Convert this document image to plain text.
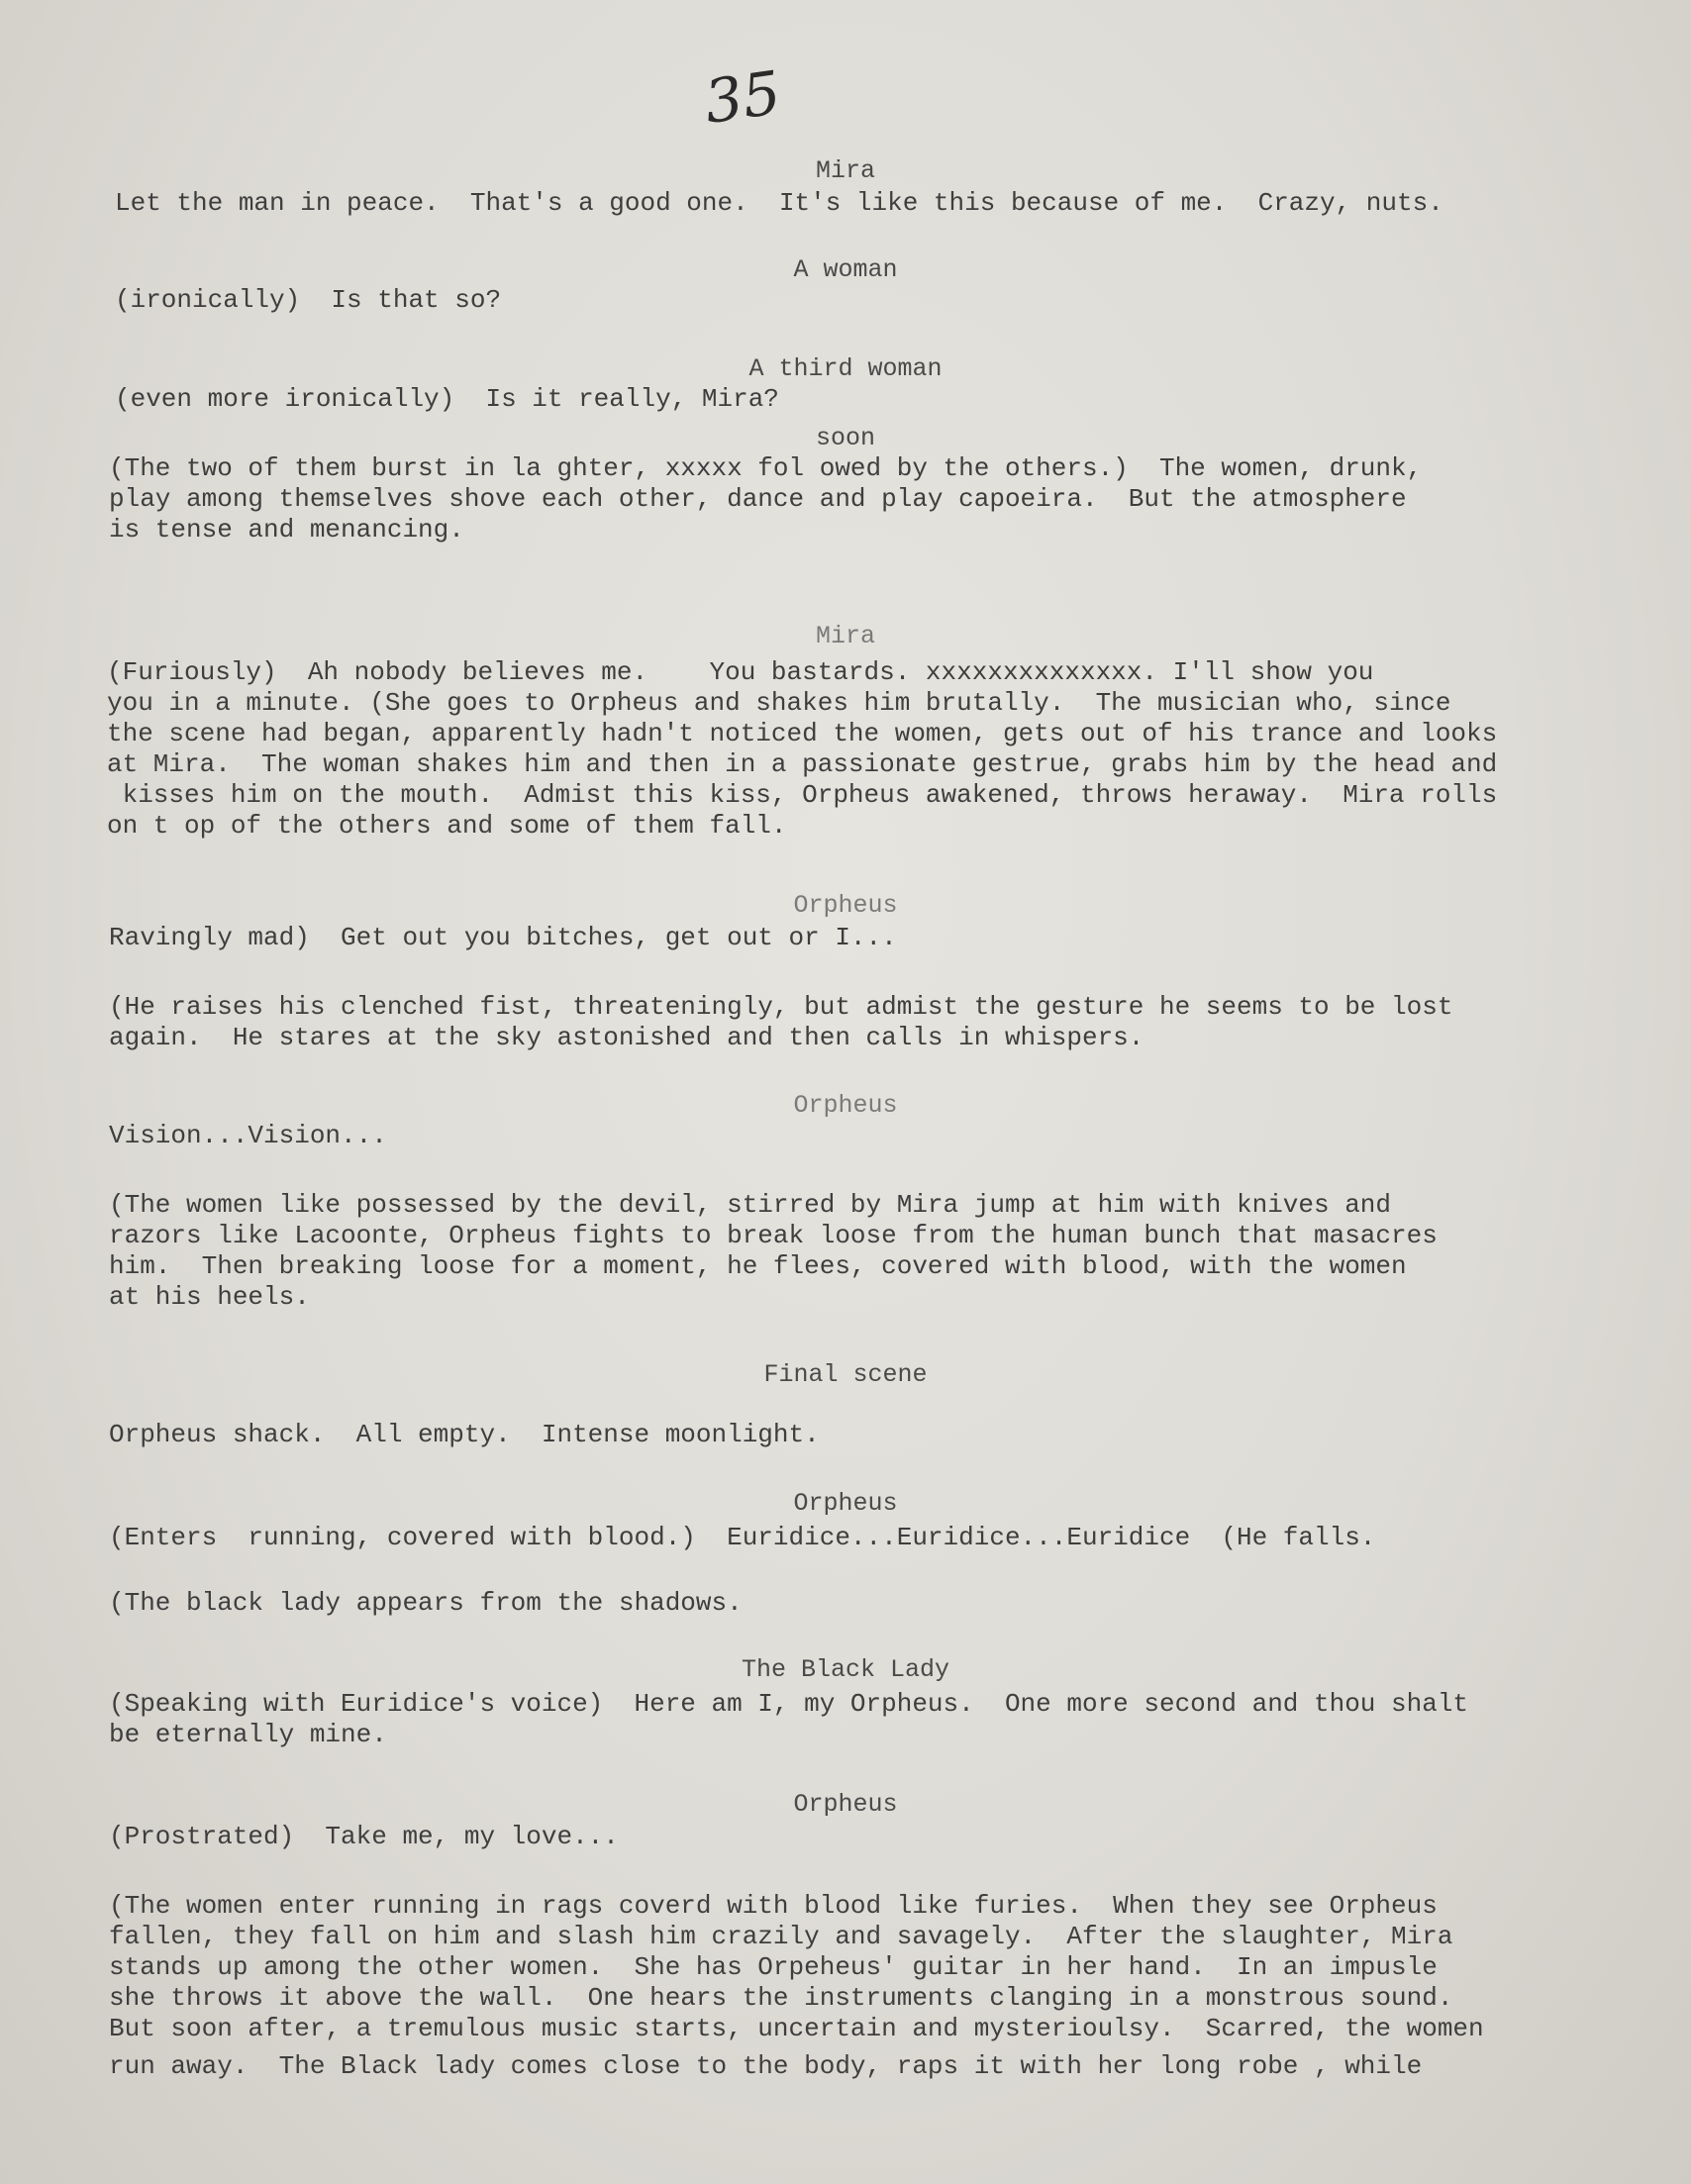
35
Mira
Let the man in peace.  That's a good one.  It's like this because of me.  Crazy, nuts.
A woman
(ironically)  Is that so?
A third woman
(even more ironically)  Is it really, Mira?
soon
(The two of them burst in la ghter, xxxxx fol owed by the others.)  The women, drunk,
play among themselves shove each other, dance and play capoeira.  But the atmosphere
is tense and menancing.
Mira
(Furiously)  Ah nobody believes me.    You bastards. xxxxxxxxxxxxxx. I'll show you
you in a minute. (She goes to Orpheus and shakes him brutally.  The musician who, since
the scene had began, apparently hadn't noticed the women, gets out of his trance and looks
at Mira.  The woman shakes him and then in a passionate gestrue, grabs him by the head and
kisses him on the mouth.  Admist this kiss, Orpheus awakened, throws heraway.  Mira rolls
on t op of the others and some of them fall.
Orpheus
Ravingly mad)  Get out you bitches, get out or I...
(He raises his clenched fist, threateningly, but admist the gesture he seems to be lost
again.  He stares at the sky astonished and then calls in whispers.
Orpheus
Vision...Vision...
(The women like possessed by the devil, stirred by Mira jump at him with knives and
razors like Lacoonte, Orpheus fights to break loose from the human bunch that masacres
him.  Then breaking loose for a moment, he flees, covered with blood, with the women
at his heels.
Final scene
Orpheus shack.  All empty.  Intense moonlight.
Orpheus
(Enters  running, covered with blood.)  Euridice...Euridice...Euridice  (He falls.
(The black lady appears from the shadows.
The Black Lady
(Speaking with Euridice's voice)  Here am I, my Orpheus.  One more second and thou shalt
be eternally mine.
Orpheus
(Prostrated)  Take me, my love...
(The women enter running in rags coverd with blood like furies.  When they see Orpheus
fallen, they fall on him and slash him crazily and savagely.  After the slaughter, Mira
stands up among the other women.  She has Orpeheus' guitar in her hand.  In an impusle
she throws it above the wall.  One hears the instruments clanging in a monstrous sound.
But soon after, a tremulous music starts, uncertain and mysterioulsy.  Scarred, the women
run away.  The Black lady comes close to the body, raps it with her long robe , while
